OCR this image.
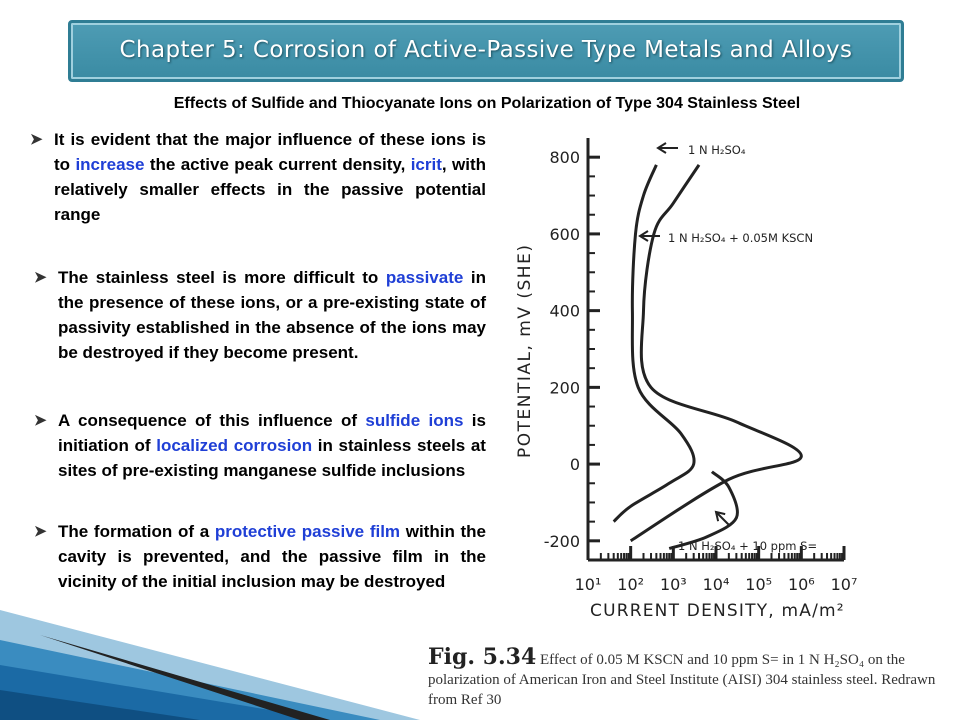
Chapter 5: Corrosion of Active-Passive Type Metals and Alloys
Effects of Sulfide and Thiocyanate Ions on Polarization of Type 304 Stainless Steel
➤ It is evident that the major influence of these ions is to increase the active peak current density, icrit, with relatively smaller effects in the passive potential range
➤ The stainless steel is more difficult to passivate in the presence of these ions, or a pre-existing state of passivity established in the absence of the ions may be destroyed if they become present.
➤ A consequence of this influence of sulfide ions is initiation of localized corrosion in stainless steels at sites of pre-existing manganese sulfide inclusions
➤ The formation of a protective passive film within the cavity is prevented, and the passive film in the vicinity of the initial inclusion may be destroyed
800
600
400
200
0
-200
10¹ 10² 10³ 10⁴ 10⁵ 10⁶ 10⁷
POTENTIAL, mV (SHE)
CURRENT DENSITY, mA/m²
1 N H₂SO₄
1 N H₂SO₄ + 0.05M KSCN
1 N H₂SO₄ + 10 ppm S=
Fig. 5.34 Effect of 0.05 M KSCN and 10 ppm S= in 1 N H₂SO₄ on the polarization of American Iron and Steel Institute (AISI) 304 stainless steel. Redrawn from Ref 30
